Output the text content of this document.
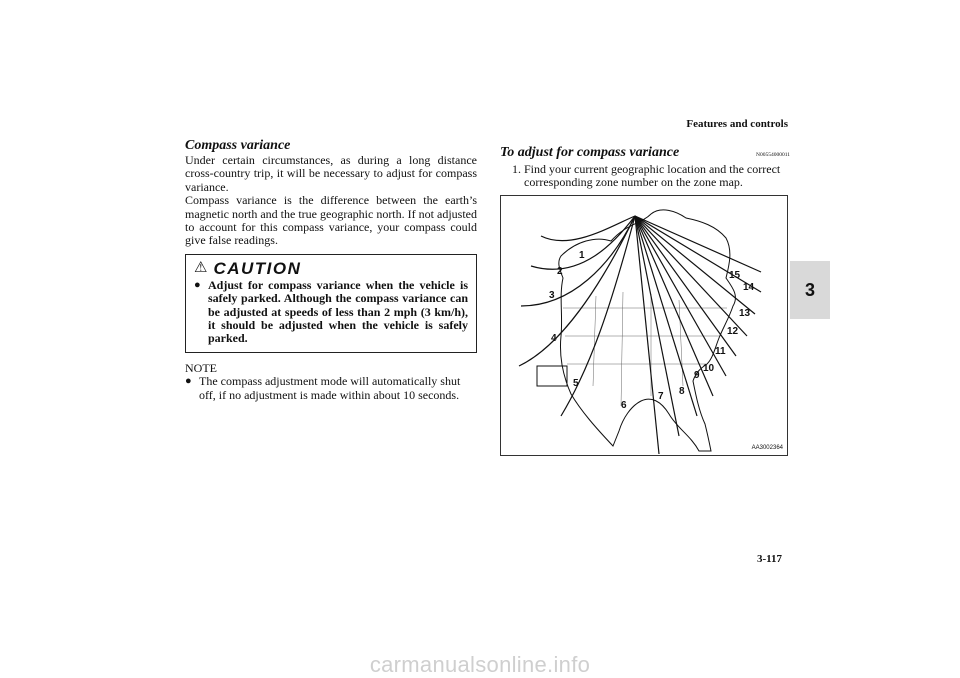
Features and controls
3
Compass variance
Under certain circumstances, as during a long distance cross-country trip, it will be necessary to adjust for compass variance.
Compass variance is the difference between the earth’s magnetic north and the true geographic north. If not adjusted to account for this compass variance, your compass could give false readings.
⚠ CAUTION
● Adjust for compass variance when the vehicle is safely parked. Although the compass variance can be adjusted at speeds of less than 2 mph (3 km/h), it should be adjusted when the vehicle is safely parked.
NOTE
● The compass adjustment mode will automatically shut off, if no adjustment is made within about 10 seconds.
To adjust for compass variance	N00554000011
1. Find your current geographic location and the correct corresponding zone number on the zone map.
1
2
3
4
5
6
7 8
9
10
11
12
13
14
15
AA3002364
3-117
carmanualsonline.info
